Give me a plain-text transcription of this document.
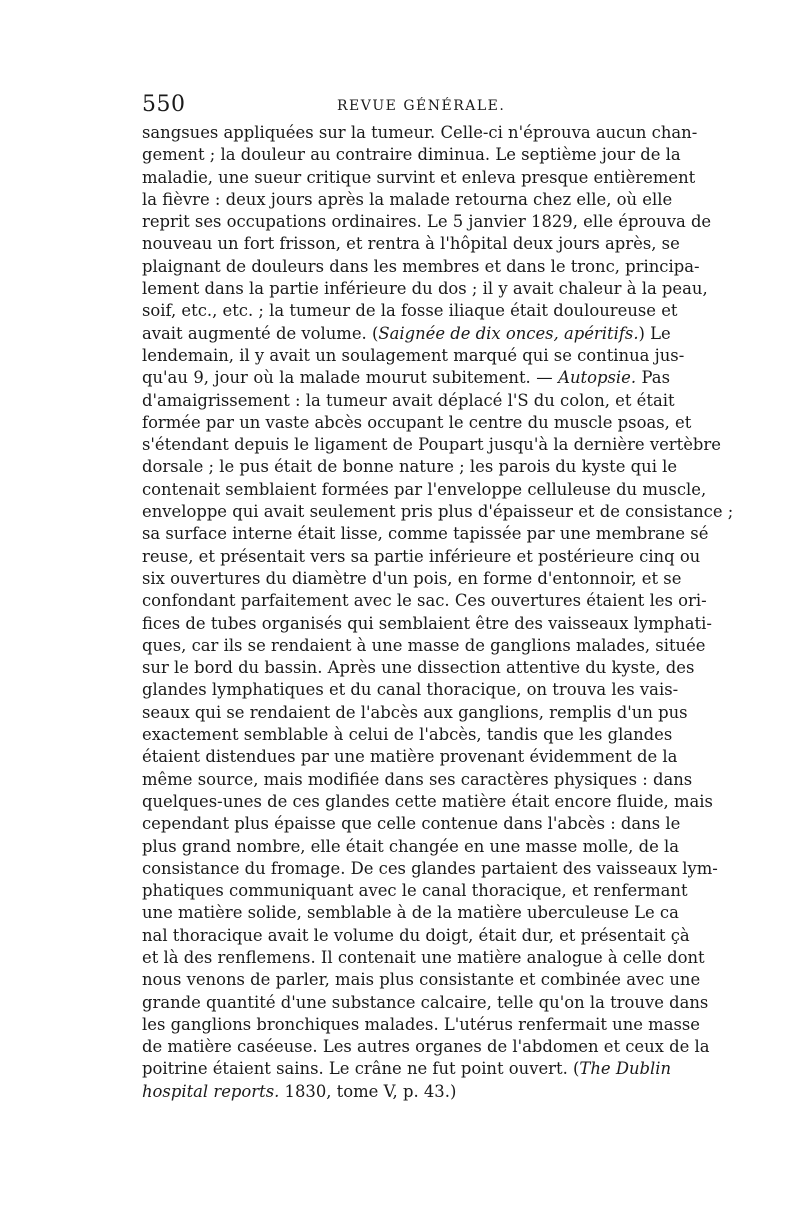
550	REVUE GÉNÉRALE.
sangsues appliquées sur la tumeur. Celle-ci n'éprouva aucun chan-
gement ; la douleur au contraire diminua. Le septième jour de la
maladie, une sueur critique survint et enleva presque entièrement
la fièvre : deux jours après la malade retourna chez elle, où elle
reprit ses occupations ordinaires. Le 5 janvier 1829, elle éprouva de
nouveau un fort frisson, et rentra à l'hôpital deux jours après, se
plaignant de douleurs dans les membres et dans le tronc, principa-
lement dans la partie inférieure du dos ; il y avait chaleur à la peau,
soif, etc., etc. ; la tumeur de la fosse iliaque était douloureuse et
avait augmenté de volume. (Saignée de dix onces, apéritifs.) Le
lendemain, il y avait un soulagement marqué qui se continua jus-
qu'au 9, jour où la malade mourut subitement. — Autopsie. Pas
d'amaigrissement : la tumeur avait déplacé l'S du colon, et était
formée par un vaste abcès occupant le centre du muscle psoas, et
s'étendant depuis le ligament de Poupart jusqu'à la dernière vertèbre
dorsale ; le pus était de bonne nature ; les parois du kyste qui le
contenait semblaient formées par l'enveloppe celluleuse du muscle,
enveloppe qui avait seulement pris plus d'épaisseur et de consistance ;
sa surface interne était lisse, comme tapissée par une membrane sé
reuse, et présentait vers sa partie inférieure et postérieure cinq ou
six ouvertures du diamètre d'un pois, en forme d'entonnoir, et se
confondant parfaitement avec le sac. Ces ouvertures étaient les ori-
fices de tubes organisés qui semblaient être des vaisseaux lymphati-
ques, car ils se rendaient à une masse de ganglions malades, située
sur le bord du bassin. Après une dissection attentive du kyste, des
glandes lymphatiques et du canal thoracique, on trouva les vais-
seaux qui se rendaient de l'abcès aux ganglions, remplis d'un pus
exactement semblable à celui de l'abcès, tandis que les glandes
étaient distendues par une matière provenant évidemment de la
même source, mais modifiée dans ses caractères physiques : dans
quelques-unes de ces glandes cette matière était encore fluide, mais
cependant plus épaisse que celle contenue dans l'abcès : dans le
plus grand nombre, elle était changée en une masse molle, de la
consistance du fromage. De ces glandes partaient des vaisseaux lym-
phatiques communiquant avec le canal thoracique, et renfermant
une matière solide, semblable à de la matière uberculeuse Le ca
nal thoracique avait le volume du doigt, était dur, et présentait çà
et là des renflemens. Il contenait une matière analogue à celle dont
nous venons de parler, mais plus consistante et combinée avec une
grande quantité d'une substance calcaire, telle qu'on la trouve dans
les ganglions bronchiques malades. L'utérus renfermait une masse
de matière caséeuse. Les autres organes de l'abdomen et ceux de la
poitrine étaient sains. Le crâne ne fut point ouvert. (The Dublin
hospital reports. 1830, tome V, p. 43.)
